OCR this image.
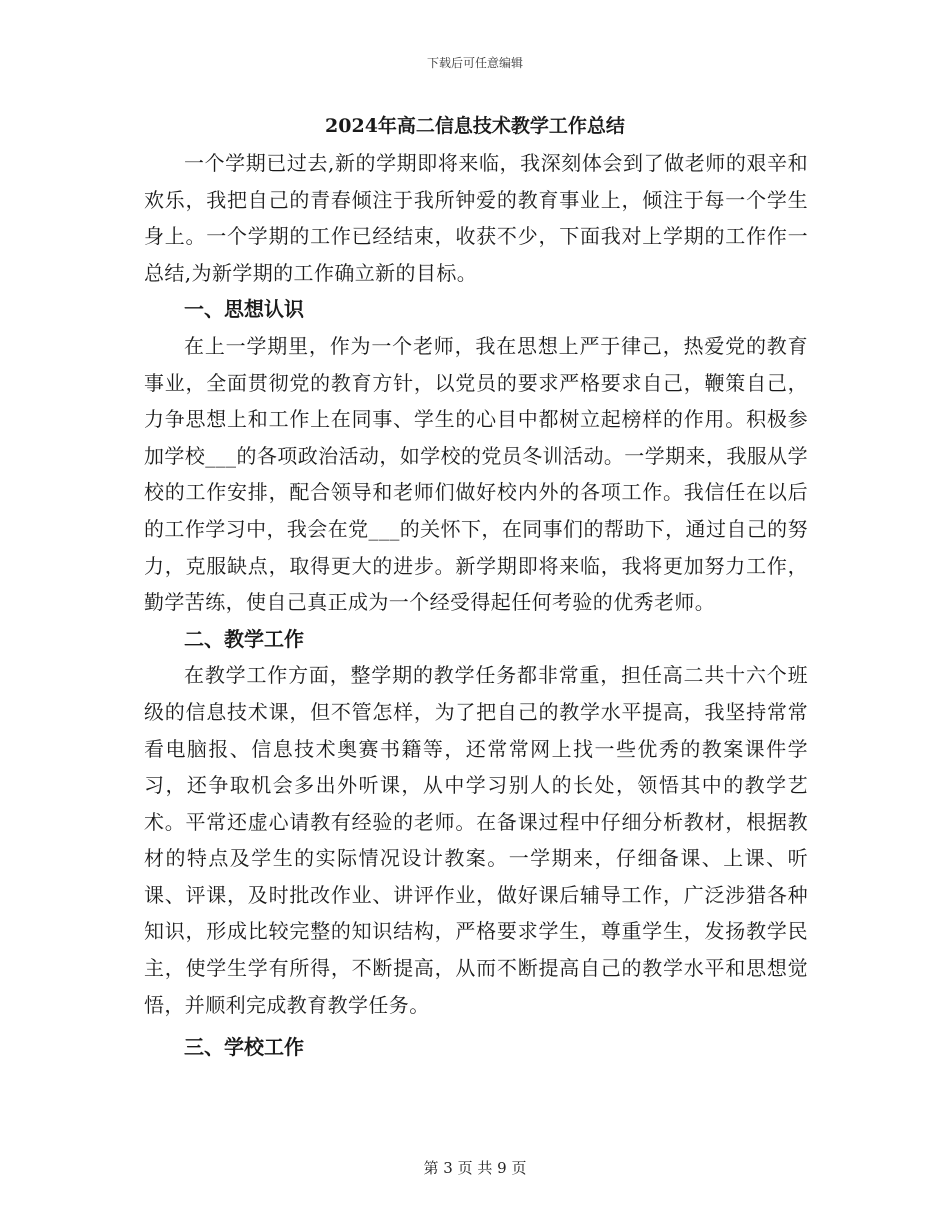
下载后可任意编辑
2024年高二信息技术教学工作总结

一个学期已过去,新的学期即将来临，我深刻体会到了做老师的艰辛和欢乐，我把自己的青春倾注于我所钟爱的教育事业上，倾注于每一个学生身上。一个学期的工作已经结束，收获不少，下面我对上学期的工作作一总结,为新学期的工作确立新的目标。

一、思想认识

在上一学期里，作为一个老师，我在思想上严于律己，热爱党的教育事业，全面贯彻党的教育方针，以党员的要求严格要求自己，鞭策自己，力争思想上和工作上在同事、学生的心目中都树立起榜样的作用。积极参加学校___的各项政治活动，如学校的党员冬训活动。一学期来，我服从学校的工作安排，配合领导和老师们做好校内外的各项工作。我信任在以后的工作学习中，我会在党___的关怀下，在同事们的帮助下，通过自己的努力，克服缺点，取得更大的进步。新学期即将来临，我将更加努力工作，勤学苦练，使自己真正成为一个经受得起任何考验的优秀老师。

二、教学工作

在教学工作方面，整学期的教学任务都非常重，担任高二共十六个班级的信息技术课，但不管怎样，为了把自己的教学水平提高，我坚持常常看电脑报、信息技术奥赛书籍等，还常常网上找一些优秀的教案课件学习，还争取机会多出外听课，从中学习别人的长处，领悟其中的教学艺术。平常还虚心请教有经验的老师。在备课过程中仔细分析教材，根据教材的特点及学生的实际情况设计教案。一学期来，仔细备课、上课、听课、评课，及时批改作业、讲评作业，做好课后辅导工作，广泛涉猎各种知识，形成比较完整的知识结构，严格要求学生，尊重学生，发扬教学民主，使学生学有所得，不断提高，从而不断提高自己的教学水平和思想觉悟，并顺利完成教育教学任务。

三、学校工作

第 3 页 共 9 页
